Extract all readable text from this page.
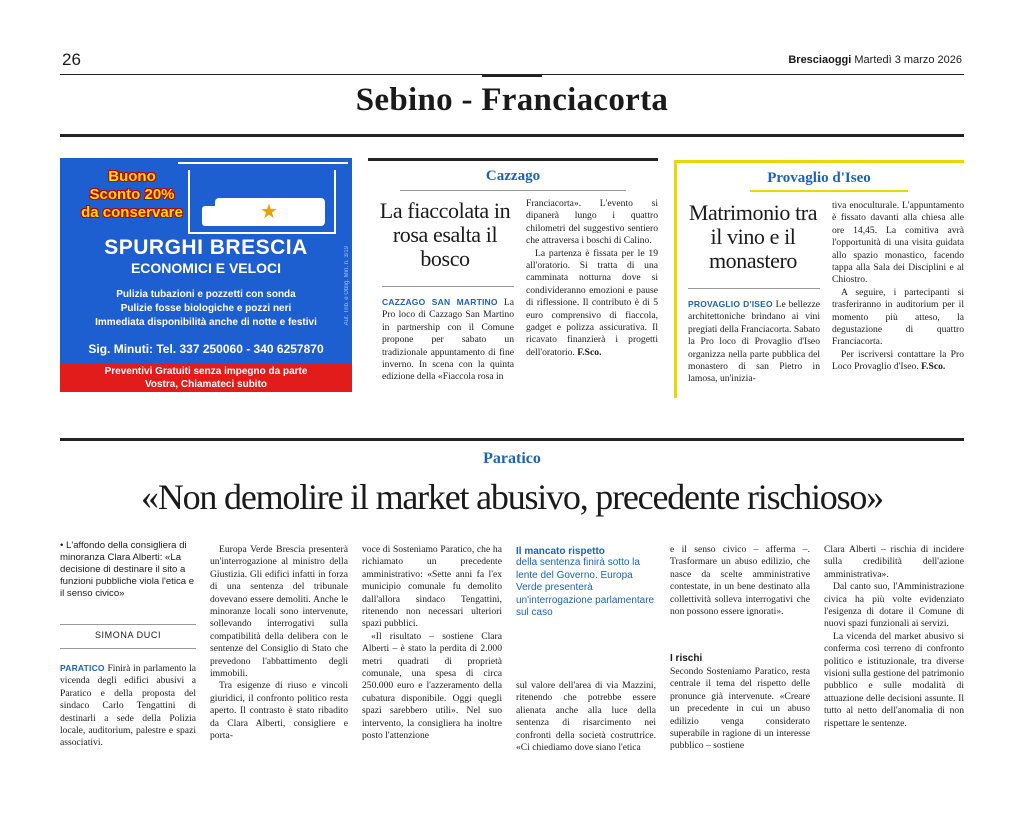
26	Bresciaoggi Martedì 3 marzo 2026
Sebino - Franciacorta
★
Buono
Sconto 20%
da conservare
SPURGHI BRESCIA
ECONOMICI E VELOCI
Pulizia tubazioni e pozzetti con sonda
Pulizie fosse biologiche e pozzi neri
Immediata disponibilità anche di notte e festivi
Sig. Minuti: Tel. 337 250060 - 340 6257870
Preventivi Gratuiti senza impegno da parte
Vostra, Chiamateci subito
Aut. Trib. e Oblig. Min. n. 3/19
Cazzago
La fiaccolata in rosa esalta il bosco

CAZZAGO SAN MARTINO La Pro loco di Cazzago San Martino in partnership con il Comune propone per sabato un tradizionale appuntamento di fine inverno. In scena con la quinta edizione della «Fiaccola rosa in

Franciacorta». L'evento si dipanerà lungo i quattro chilometri del suggestivo sentiero che attraversa i boschi di Calino.

La partenza è fissata per le 19 all'oratorio. Si tratta di una camminata notturna dove si condivideranno emozioni e pause di riflessione. Il contributo è di 5 euro comprensivo di fiaccola, gadget e polizza assicurativa. Il ricavato finanzierà i progetti dell'oratorio. F.Sco.

Provaglio d'Iseo
Matrimonio tra il vino e il monastero

PROVAGLIO D'ISEO Le bellezze architettoniche brindano ai vini pregiati della Franciacorta. Sabato la Pro loco di Provaglio d'Iseo organizza nella parte pubblica del monastero di san Pietro in lamosa, un'inizia-

tiva enoculturale. L'appuntamento è fissato davanti alla chiesa alle ore 14,45. La comitiva avrà l'opportunità di una visita guidata allo spazio monastico, facendo tappa alla Sala dei Disciplini e al Chiostro.

A seguire, i partecipanti si trasferiranno in auditorium per il momento più atteso, la degustazione di quattro Franciacorta.

Per iscriversi contattare la Pro Loco Provaglio d'Iseo. F.Sco.

Paratico
«Non demolire il market abusivo, precedente rischioso»
• L'affondo della consigliera di minoranza Clara Alberti: «La decisione di destinare il sito a funzioni pubbliche viola l'etica e il senso civico»
SIMONA DUCI

PARATICO Finirà in parlamento la vicenda degli edifici abusivi a Paratico e della proposta del sindaco Carlo Tengattini di destinarli a sede della Polizia locale, auditorium, palestre e spazi associativi.

Europa Verde Brescia presenterà un'interrogazione al ministro della Giustizia. Gli edifici infatti in forza di una sentenza del tribunale dovevano essere demoliti. Anche le minoranze locali sono intervenute, sollevando interrogativi sulla compatibilità della delibera con le sentenze del Consiglio di Stato che prevedono l'abbattimento degli immobili.

Tra esigenze di riuso e vincoli giuridici, il confronto politico resta aperto. Il contrasto è stato ribadito da Clara Alberti, consigliere e porta-

voce di Sosteniamo Paratico, che ha richiamato un precedente amministrativo: «Sette anni fa l'ex municipio comunale fu demolito dall'allora sindaco Tengattini, ritenendo non necessari ulteriori spazi pubblici.

«Il risultato – sostiene Clara Alberti – è stato la perdita di 2.000 metri quadrati di proprietà comunale, una spesa di circa 250.000 euro e l'azzeramento della cubatura disponibile. Oggi quegli spazi sarebbero utili». Nel suo intervento, la consigliera ha inoltre posto l'attenzione

Il mancato rispetto
della sentenza finirà sotto la lente del Governo. Europa Verde presenterà un'interrogazione parlamentare sul caso

sul valore dell'area di via Mazzini, ritenendo che potrebbe essere alienata anche alla luce della sentenza di risarcimento nei confronti della società costruttrice. «Ci chiediamo dove siano l'etica

e il senso civico – afferma –. Trasformare un abuso edilizio, che nasce da scelte amministrative contestate, in un bene destinato alla collettività solleva interrogativi che non possono essere ignorati».

I rischi

Secondo Sosteniamo Paratico, resta centrale il tema del rispetto delle pronunce già intervenute. «Creare un precedente in cui un abuso edilizio venga considerato superabile in ragione di un interesse pubblico – sostiene

Clara Alberti – rischia di incidere sulla credibilità dell'azione amministrativa».

Dal canto suo, l'Amministrazione civica ha più volte evidenziato l'esigenza di dotare il Comune di nuovi spazi funzionali ai servizi.

La vicenda del market abusivo si conferma così terreno di confronto politico e istituzionale, tra diverse visioni sulla gestione del patrimonio pubblico e sulle modalità di attuazione delle decisioni assunte. Il tutto al netto dell'anomalia di non rispettare le sentenze.
